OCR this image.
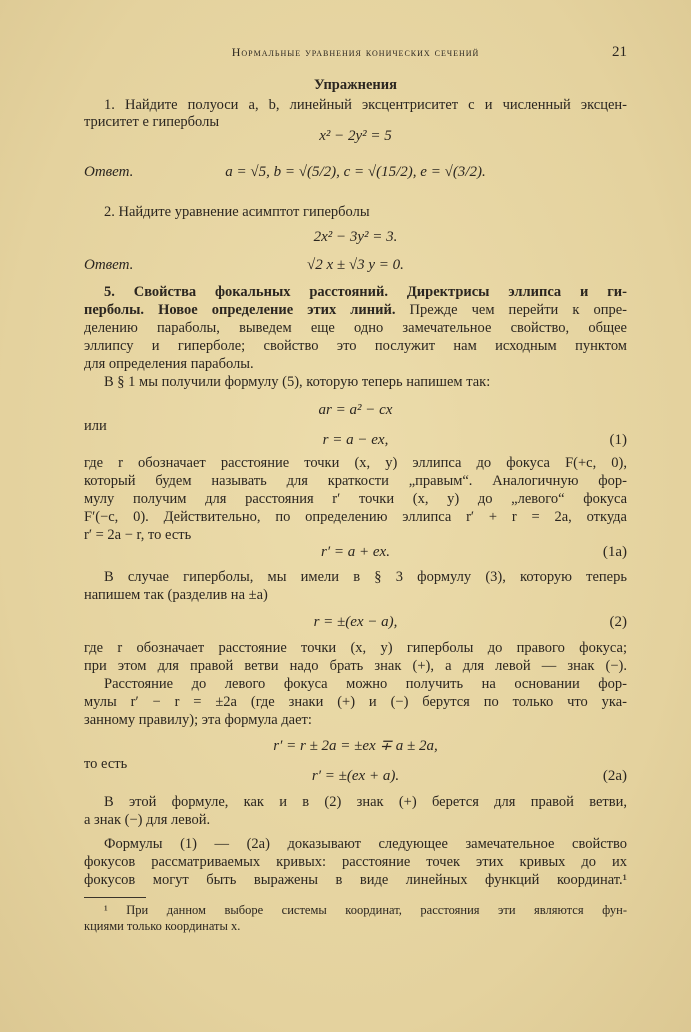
Нормальные уравнения конических сечений	21
Упражнения
1. Найдите полуоси a, b, линейный эксцентриситет c и численный эксцен-
триситет e гиперболы
x² − 2y² = 5
Ответ.	a = √5, b = √(5/2), c = √(15/2), e = √(3/2).
2. Найдите уравнение асимптот гиперболы
2x² − 3y² = 3.
Ответ.	√2 x ± √3 y = 0.
5. Свойства фокальных расстояний. Директрисы эллипса и ги-
перболы. Новое определение этих линий. Прежде чем перейти к опре-
делению параболы, выведем еще одно замечательное свойство, общее
эллипсу и гиперболе; свойство это послужит нам исходным пунктом
для определения параболы.
В § 1 мы получили формулу (5), которую теперь напишем так:
ar = a² − cx
или
r = a − ex,	(1)
где r обозначает расстояние точки (x, y) эллипса до фокуса F(+c, 0),
который будем называть для краткости „правым“. Аналогичную фор-
мулу получим для расстояния r′ точки (x, y) до „левого“ фокуса
F′(−c, 0). Действительно, по определению эллипса r′ + r = 2a, откуда
r′ = 2a − r, то есть
r′ = a + ex.	(1a)
В случае гиперболы, мы имели в § 3 формулу (3), которую теперь
напишем так (разделив на ±a)
r = ±(ex − a),	(2)
где r обозначает расстояние точки (x, y) гиперболы до правого фокуса;
при этом для правой ветви надо брать знак (+), а для левой — знак (−).
Расстояние до левого фокуса можно получить на основании фор-
мулы r′ − r = ±2a (где знаки (+) и (−) берутся по только что ука-
занному правилу); эта формула дает:
r′ = r ± 2a = ±ex ∓ a ± 2a,
то есть
r′ = ±(ex + a).	(2a)
В этой формуле, как и в (2) знак (+) берется для правой ветви,
а знак (−) для левой.
Формулы (1) — (2a) доказывают следующее замечательное свойство
фокусов рассматриваемых кривых: расстояние точек этих кривых до их
фокусов могут быть выражены в виде линейных функций координат.¹
¹ При данном выборе системы координат, расстояния эти являются фун-
кциями только координаты x.
